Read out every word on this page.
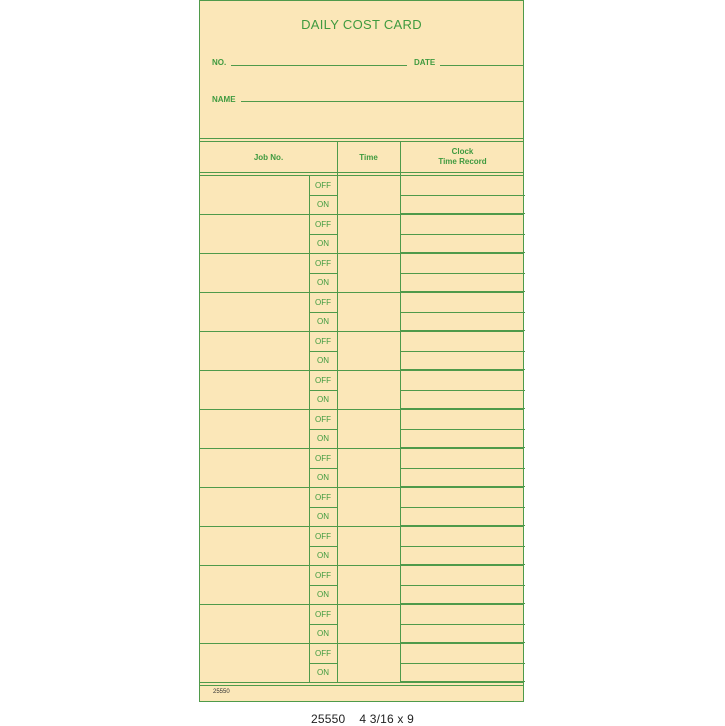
DAILY COST CARD
NO.	DATE
NAME
25550
Job No.	Time
Clock
Time Record
OFF
ON
OFF
ON
OFF
ON
OFF
ON
OFF
ON
OFF
ON
OFF
ON
OFF
ON
OFF
ON
OFF
ON
OFF
ON
OFF
ON
OFF
ON
25550 4 3/16 x 9
